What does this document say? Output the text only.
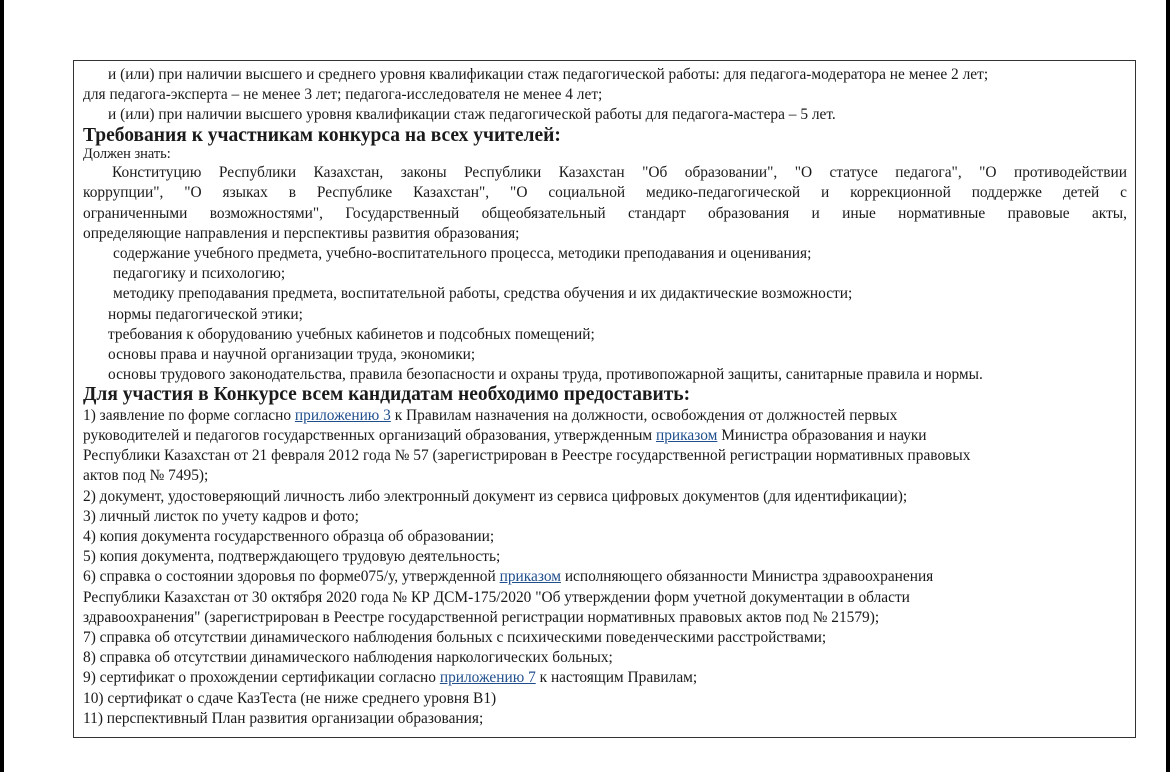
и (или) при наличии высшего и среднего уровня квалификации стаж педагогической работы: для педагога-модератора не менее 2 лет;
для педагога-эксперта – не менее 3 лет; педагога-исследователя не менее 4 лет;
и (или) при наличии высшего уровня квалификации стаж педагогической работы для педагога-мастера – 5 лет.
Требования к участникам конкурса на всех учителей:
Должен знать:
Конституцию Республики Казахстан, законы Республики Казахстан "Об образовании", "О статусе педагога", "О противодействии
коррупции", "О языках в Республике Казахстан", "О социальной медико-педагогической и коррекционной поддержке детей с
ограниченными возможностями", Государственный общеобязательный стандарт образования и иные нормативные правовые акты,
определяющие направления и перспективы развития образования;
содержание учебного предмета, учебно-воспитательного процесса, методики преподавания и оценивания;
педагогику и психологию;
методику преподавания предмета, воспитательной работы, средства обучения и их дидактические возможности;
нормы педагогической этики;
требования к оборудованию учебных кабинетов и подсобных помещений;
основы права и научной организации труда, экономики;
основы трудового законодательства, правила безопасности и охраны труда, противопожарной защиты, санитарные правила и нормы.
Для участия в Конкурсе всем кандидатам необходимо предоставить:
1) заявление по форме согласно приложению 3 к Правилам назначения на должности, освобождения от должностей первых
руководителей и педагогов государственных организаций образования, утвержденным приказом Министра образования и науки
Республики Казахстан от 21 февраля 2012 года № 57 (зарегистрирован в Реестре государственной регистрации нормативных правовых
актов под № 7495);
2) документ, удостоверяющий личность либо электронный документ из сервиса цифровых документов (для идентификации);
3) личный листок по учету кадров и фото;
4) копия документа государственного образца об образовании;
5) копия документа, подтверждающего трудовую деятельность;
6) справка о состоянии здоровья по форме075/у, утвержденной приказом исполняющего обязанности Министра здравоохранения
Республики Казахстан от 30 октября 2020 года № КР ДСМ-175/2020 "Об утверждении форм учетной документации в области
здравоохранения" (зарегистрирован в Реестре государственной регистрации нормативных правовых актов под № 21579);
7) справка об отсутствии динамического наблюдения больных с психическими поведенческими расстройствами;
8) справка об отсутствии динамического наблюдения наркологических больных;
9) сертификат о прохождении сертификации согласно приложению 7 к настоящим Правилам;
10) сертификат о сдаче КазТеста (не ниже среднего уровня B1)
11) перспективный План развития организации образования;
